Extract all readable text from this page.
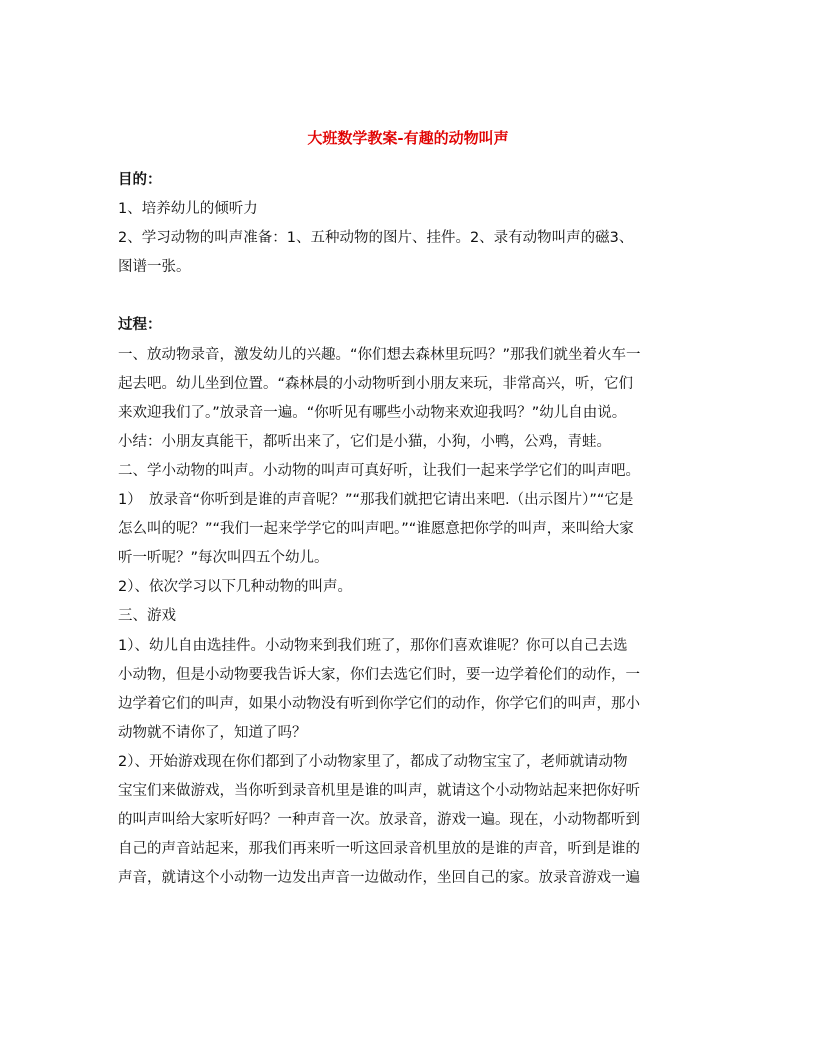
大班数学教案-有趣的动物叫声
目的：
1、培养幼儿的倾听力
2、学习动物的叫声准备：1、五种动物的图片、挂件。2、录有动物叫声的磁3、
图谱一张。
过程：
一、放动物录音，激发幼儿的兴趣。“你们想去森林里玩吗？”那我们就坐着火车一
起去吧。幼儿坐到位置。“森林晨的小动物听到小朋友来玩，非常高兴，听，它们
来欢迎我们了。”放录音一遍。“你听见有哪些小动物来欢迎我吗？”幼儿自由说。
小结：小朋友真能干，都听出来了，它们是小猫，小狗，小鸭，公鸡，青蛙。
二、学小动物的叫声。小动物的叫声可真好听，让我们一起来学学它们的叫声吧。
1）　放录音“你听到是谁的声音呢？”“那我们就把它请出来吧.（出示图片）”“它是
怎么叫的呢？”“我们一起来学学它的叫声吧。”“谁愿意把你学的叫声，来叫给大家
听一听呢？”每次叫四五个幼儿。
2）、依次学习以下几种动物的叫声。
三、游戏
1）、幼儿自由选挂件。小动物来到我们班了，那你们喜欢谁呢？你可以自己去选
小动物，但是小动物要我告诉大家，你们去选它们时，要一边学着伦们的动作，一
边学着它们的叫声，如果小动物没有听到你学它们的动作，你学它们的叫声，那小
动物就不请你了，知道了吗？
2）、开始游戏现在你们都到了小动物家里了，都成了动物宝宝了，老师就请动物
宝宝们来做游戏，当你听到录音机里是谁的叫声，就请这个小动物站起来把你好听
的叫声叫给大家听好吗？一种声音一次。放录音，游戏一遍。现在，小动物都听到
自己的声音站起来，那我们再来听一听这回录音机里放的是谁的声音，听到是谁的
声音，就请这个小动物一边发出声音一边做动作，坐回自己的家。放录音游戏一遍
